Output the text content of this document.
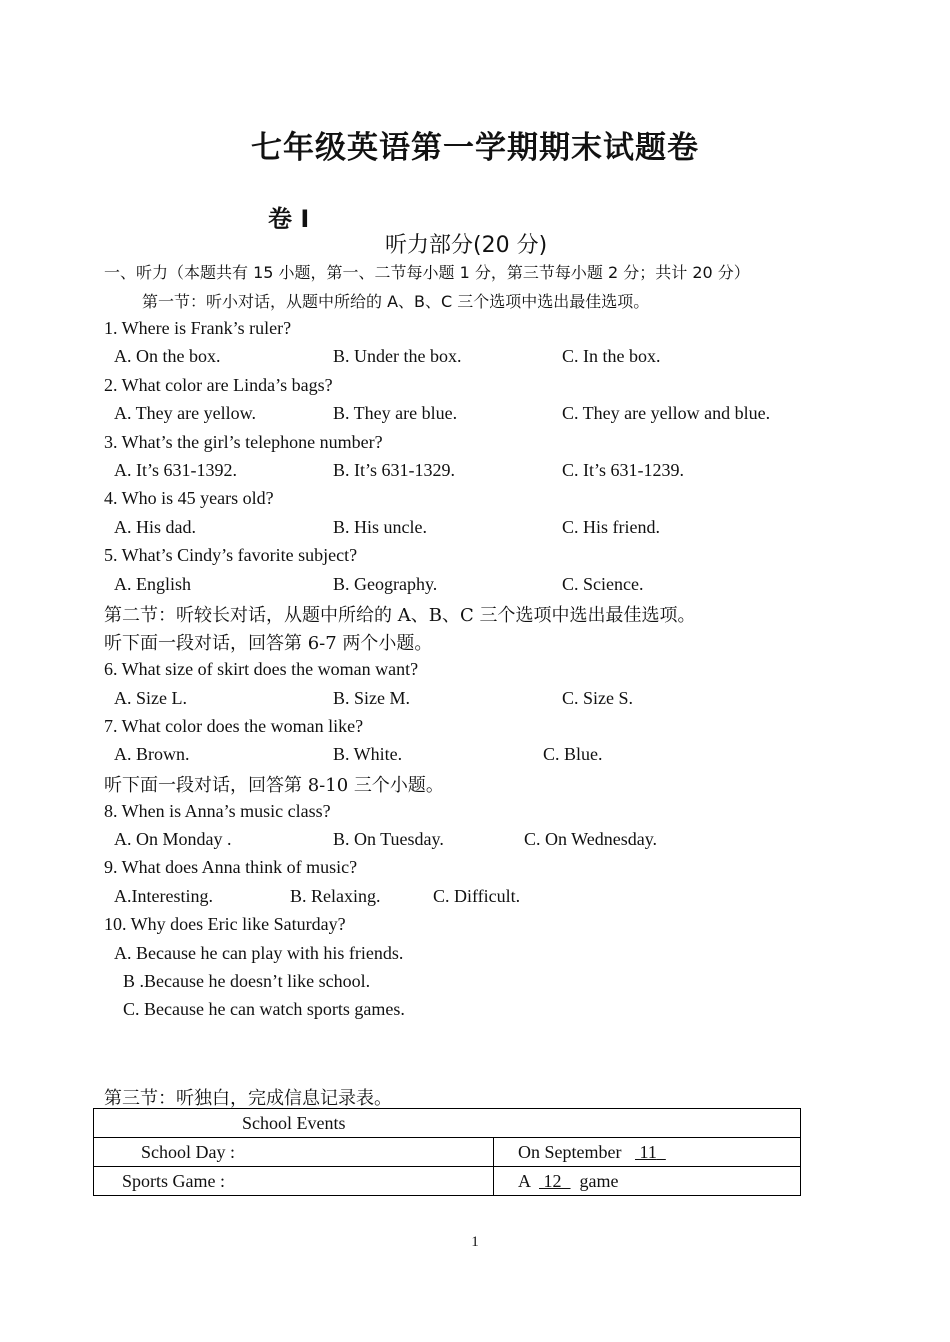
七年级英语第一学期期末试题卷
卷 I
听力部分(20 分)
一、听力（本题共有 15 小题，第一、二节每小题 1 分，第三节每小题 2 分；共计 20 分）
第一节：听小对话，从题中所给的 A、B、C 三个选项中选出最佳选项。
1. Where is Frank’s ruler?
A. On the box.	B. Under the box.	C. In the box.
2. What color are Linda’s bags?
A. They are yellow.	B. They are blue.	C. They are yellow and blue.
3. What’s the girl’s telephone number?
A. It’s 631-1392.	B. It’s 631-1329.	C. It’s 631-1239.
4. Who is 45 years old?
A. His dad.	B. His uncle.	C. His friend.
5. What’s Cindy’s favorite subject?
A. English	B. Geography.	C. Science.
第二节：听较长对话，从题中所给的 A、B、C 三个选项中选出最佳选项。
听下面一段对话，回答第 6-7 两个小题。
6. What size of skirt does the woman want?
A. Size L.	B. Size M.	C. Size S.
7. What color does the woman like?
A. Brown.	B. White.	C. Blue.
听下面一段对话，回答第 8-10 三个小题。
8. When is Anna’s music class?
A. On Monday .	B. On Tuesday.	C. On Wednesday.
9. What does Anna think of music?
A.Interesting.	B. Relaxing.	C. Difficult.
10. Why does Eric like Saturday?
A. Because he can play with his friends.
B .Because he doesn’t like school.
C. Because he can watch sports games.
第三节：听独白，完成信息记录表。
School Events	
School Day :	On September 11
Sports Game :	A 12 game
1
